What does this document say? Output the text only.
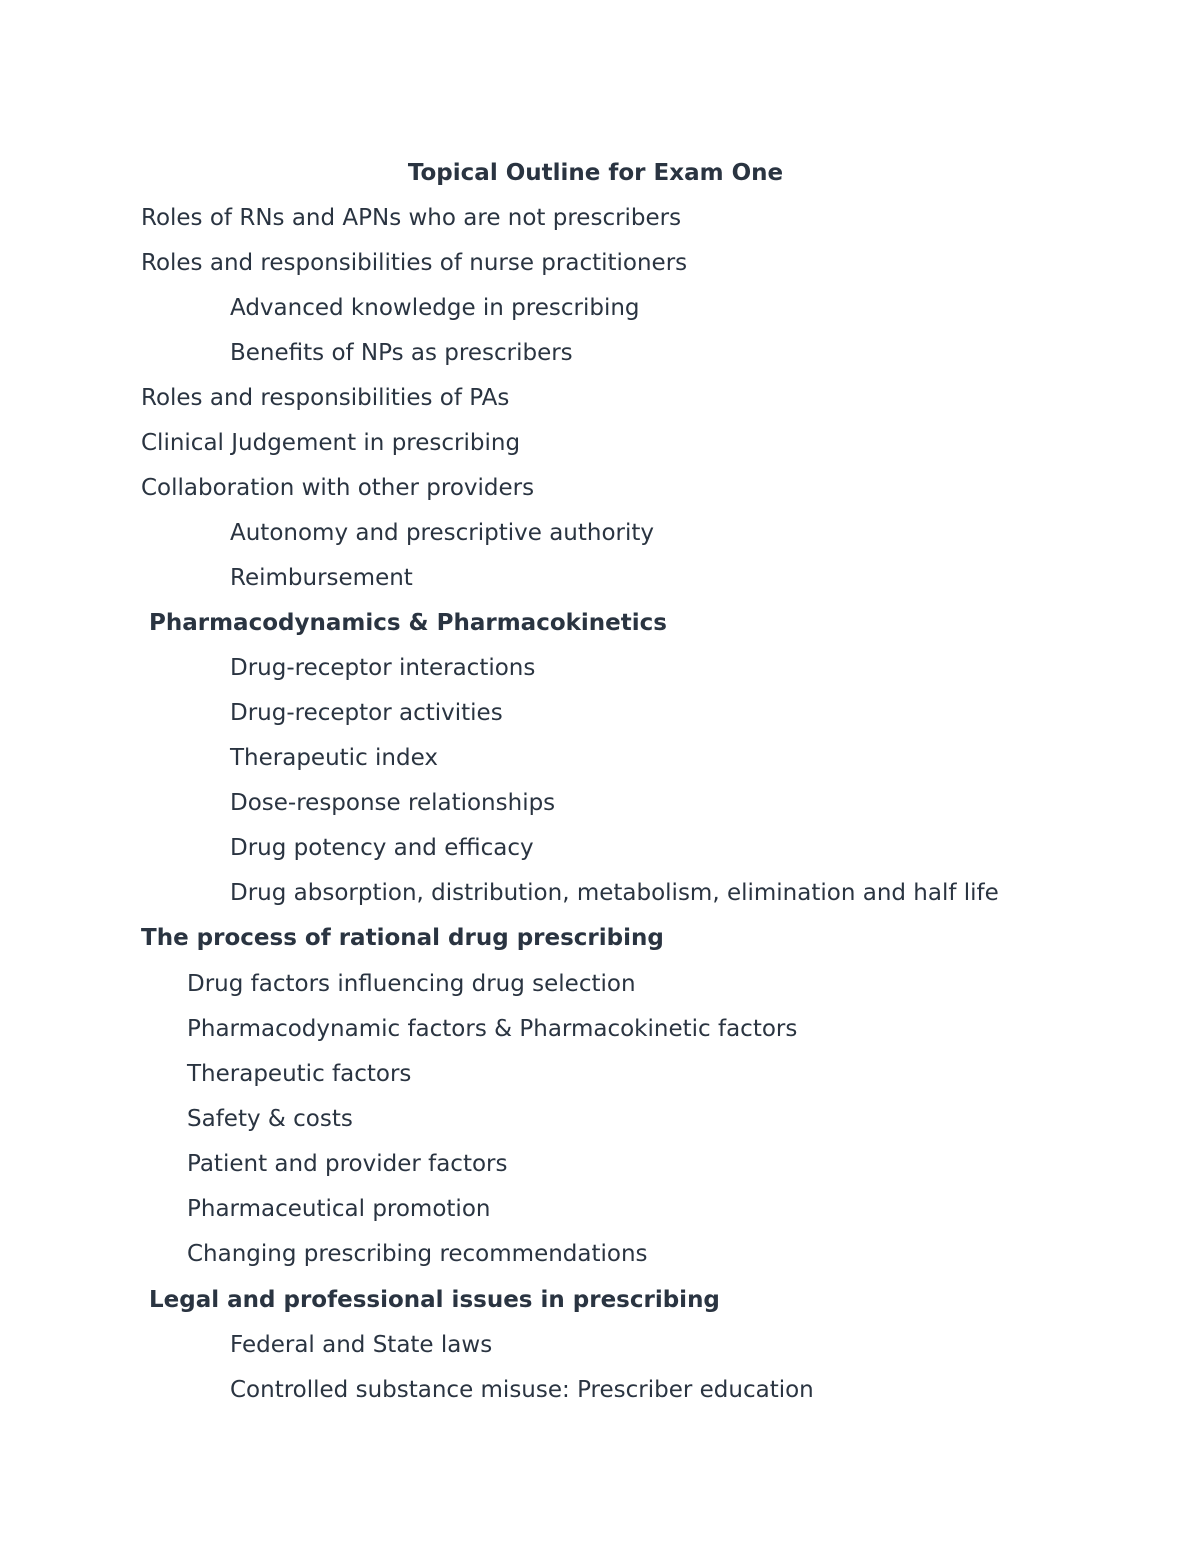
Topical Outline for Exam One
Roles of RNs and APNs who are not prescribers
Roles and responsibilities of nurse practitioners
Advanced knowledge in prescribing
Benefits of NPs as prescribers
Roles and responsibilities of PAs
Clinical Judgement in prescribing
Collaboration with other providers
Autonomy and prescriptive authority
Reimbursement
Pharmacodynamics & Pharmacokinetics
Drug-receptor interactions
Drug-receptor activities
Therapeutic index
Dose-response relationships
Drug potency and efficacy
Drug absorption, distribution, metabolism, elimination and half life
The process of rational drug prescribing
Drug factors influencing drug selection
Pharmacodynamic factors & Pharmacokinetic factors
Therapeutic factors
Safety & costs
Patient and provider factors
Pharmaceutical promotion
Changing prescribing recommendations
Legal and professional issues in prescribing
Federal and State laws
Controlled substance misuse: Prescriber education
